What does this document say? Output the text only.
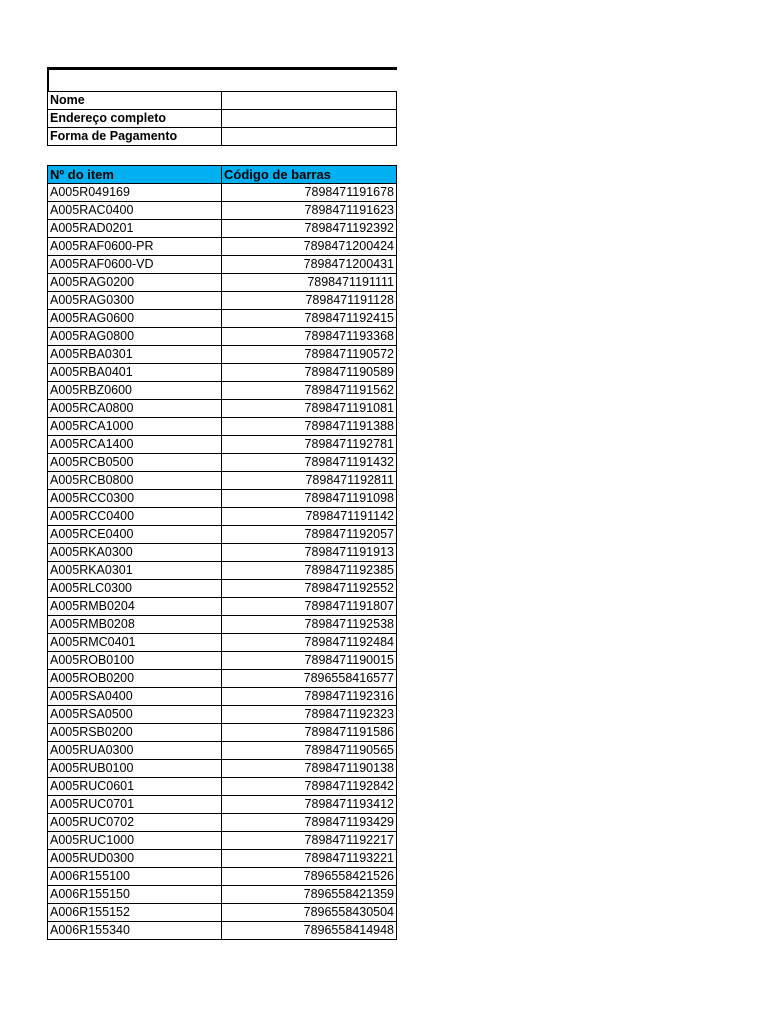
Nome	
Endereço completo	
Forma de Pagamento	
Nº do item	Código de barras
A005R049169	7898471191678
A005RAC0400	7898471191623
A005RAD0201	7898471192392
A005RAF0600-PR	7898471200424
A005RAF0600-VD	7898471200431
A005RAG0200	7898471191111
A005RAG0300	7898471191128
A005RAG0600	7898471192415
A005RAG0800	7898471193368
A005RBA0301	7898471190572
A005RBA0401	7898471190589
A005RBZ0600	7898471191562
A005RCA0800	7898471191081
A005RCA1000	7898471191388
A005RCA1400	7898471192781
A005RCB0500	7898471191432
A005RCB0800	7898471192811
A005RCC0300	7898471191098
A005RCC0400	7898471191142
A005RCE0400	7898471192057
A005RKA0300	7898471191913
A005RKA0301	7898471192385
A005RLC0300	7898471192552
A005RMB0204	7898471191807
A005RMB0208	7898471192538
A005RMC0401	7898471192484
A005ROB0100	7898471190015
A005ROB0200	7896558416577
A005RSA0400	7898471192316
A005RSA0500	7898471192323
A005RSB0200	7898471191586
A005RUA0300	7898471190565
A005RUB0100	7898471190138
A005RUC0601	7898471192842
A005RUC0701	7898471193412
A005RUC0702	7898471193429
A005RUC1000	7898471192217
A005RUD0300	7898471193221
A006R155100	7896558421526
A006R155150	7896558421359
A006R155152	7896558430504
A006R155340	7896558414948
